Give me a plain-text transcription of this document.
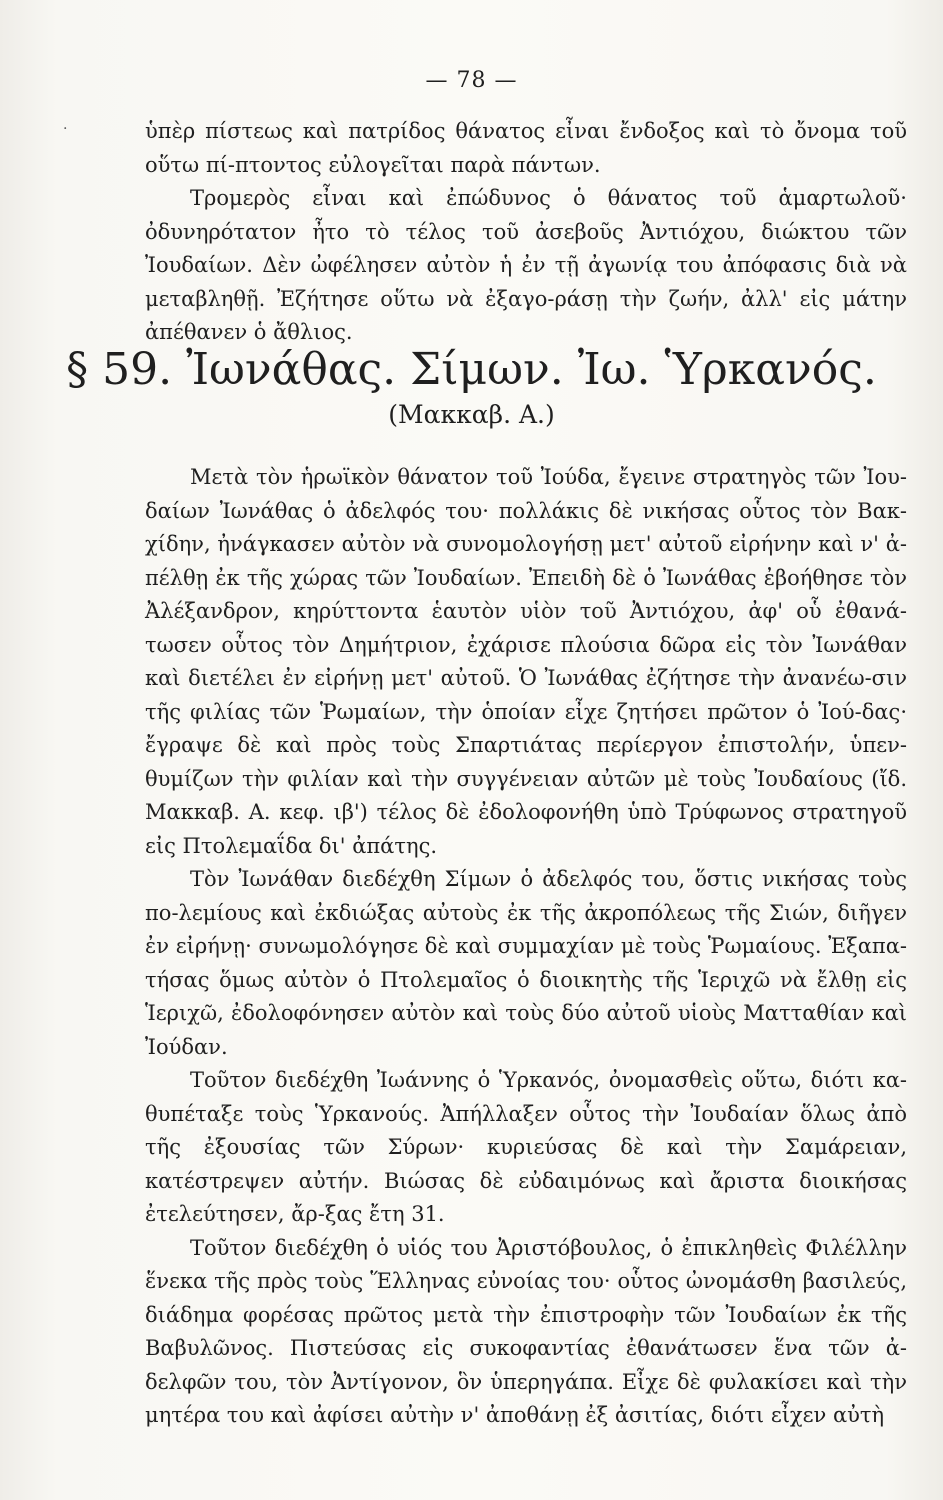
.
— 78 —

ὑπὲρ πίστεως καὶ πατρίδος θάνατος εἶναι ἔνδοξος καὶ τὸ ὄνομα τοῦ οὕτω πί-πτοντος εὐλογεῖται παρὰ πάντων.

Τρομερὸς εἶναι καὶ ἐπώδυνος ὁ θάνατος τοῦ ἁμαρτωλοῦ· ὀδυνηρότατον ἦτο τὸ τέλος τοῦ ἀσεβοῦς Ἀντιόχου, διώκτου τῶν Ἰουδαίων. Δὲν ὠφέλησεν αὐτὸν ἡ ἐν τῇ ἀγωνίᾳ του ἀπόφασις διὰ νὰ μεταβληθῇ. Ἐζήτησε οὕτω νὰ ἐξαγο-ράσῃ τὴν ζωήν, ἀλλ' εἰς μάτην ἀπέθανεν ὁ ἄθλιος.

§ 59. Ἰωνάθας. Σίμων. Ἰω. Ὑρκανός.
(Μακκαβ. Α.)

Μετὰ τὸν ἡρωϊκὸν θάνατον τοῦ Ἰούδα, ἔγεινε στρατηγὸς τῶν Ἰου-δαίων Ἰωνάθας ὁ ἀδελφός του· πολλάκις δὲ νικήσας οὗτος τὸν Βακ-χίδην, ἠνάγκασεν αὐτὸν νὰ συνομολογήσῃ μετ' αὐτοῦ εἰρήνην καὶ ν' ἀ-πέλθῃ ἐκ τῆς χώρας τῶν Ἰουδαίων. Ἐπειδὴ δὲ ὁ Ἰωνάθας ἐβοήθησε τὸν Ἀλέξανδρον, κηρύττοντα ἑαυτὸν υἱὸν τοῦ Ἀντιόχου, ἀφ' οὗ ἐθανά-τωσεν οὗτος τὸν Δημήτριον, ἐχάρισε πλούσια δῶρα εἰς τὸν Ἰωνάθαν καὶ διετέλει ἐν εἰρήνῃ μετ' αὐτοῦ. Ὁ Ἰωνάθας ἐζήτησε τὴν ἀνανέω-σιν τῆς φιλίας τῶν Ῥωμαίων, τὴν ὁποίαν εἶχε ζητήσει πρῶτον ὁ Ἰού-δας· ἔγραψε δὲ καὶ πρὸς τοὺς Σπαρτιάτας περίεργον ἐπιστολήν, ὑπεν-θυμίζων τὴν φιλίαν καὶ τὴν συγγένειαν αὐτῶν μὲ τοὺς Ἰουδαίους (ἴδ. Μακκαβ. Α. κεφ. ιβ') τέλος δὲ ἐδολοφονήθη ὑπὸ Τρύφωνος στρατηγοῦ εἰς Πτολεμαΐδα δι' ἀπάτης.

Τὸν Ἰωνάθαν διεδέχθη Σίμων ὁ ἀδελφός του, ὅστις νικήσας τοὺς πο-λεμίους καὶ ἐκδιώξας αὐτοὺς ἐκ τῆς ἀκροπόλεως τῆς Σιών, διῆγεν ἐν εἰρήνῃ· συνωμολόγησε δὲ καὶ συμμαχίαν μὲ τοὺς Ῥωμαίους. Ἐξαπα-τήσας ὅμως αὐτὸν ὁ Πτολεμαῖος ὁ διοικητὴς τῆς Ἱεριχῶ νὰ ἔλθῃ εἰς Ἱεριχῶ, ἐδολοφόνησεν αὐτὸν καὶ τοὺς δύο αὐτοῦ υἱοὺς Ματταθίαν καὶ Ἰούδαν.

Τοῦτον διεδέχθη Ἰωάννης ὁ Ὑρκανός, ὀνομασθεὶς οὕτω, διότι κα-θυπέταξε τοὺς Ὑρκανούς. Ἀπήλλαξεν οὗτος τὴν Ἰουδαίαν ὅλως ἀπὸ τῆς ἐξουσίας τῶν Σύρων· κυριεύσας δὲ καὶ τὴν Σαμάρειαν, κατέστρεψεν αὐτήν. Βιώσας δὲ εὐδαιμόνως καὶ ἄριστα διοικήσας ἐτελεύτησεν, ἄρ-ξας ἔτη 31.

Τοῦτον διεδέχθη ὁ υἱός του Ἀριστόβουλος, ὁ ἐπικληθεὶς Φιλέλλην ἕνεκα τῆς πρὸς τοὺς Ἕλληνας εὐνοίας του· οὗτος ὠνομάσθη βασιλεύς, διάδημα φορέσας πρῶτος μετὰ τὴν ἐπιστροφὴν τῶν Ἰουδαίων ἐκ τῆς Βαβυλῶνος. Πιστεύσας εἰς συκοφαντίας ἐθανάτωσεν ἕνα τῶν ἀ-δελφῶν του, τὸν Ἀντίγονον, ὃν ὑπερηγάπα. Εἶχε δὲ φυλακίσει καὶ τὴν μητέρα του καὶ ἀφίσει αὐτὴν ν' ἀποθάνῃ ἐξ ἀσιτίας, διότι εἶχεν αὐτὴ
